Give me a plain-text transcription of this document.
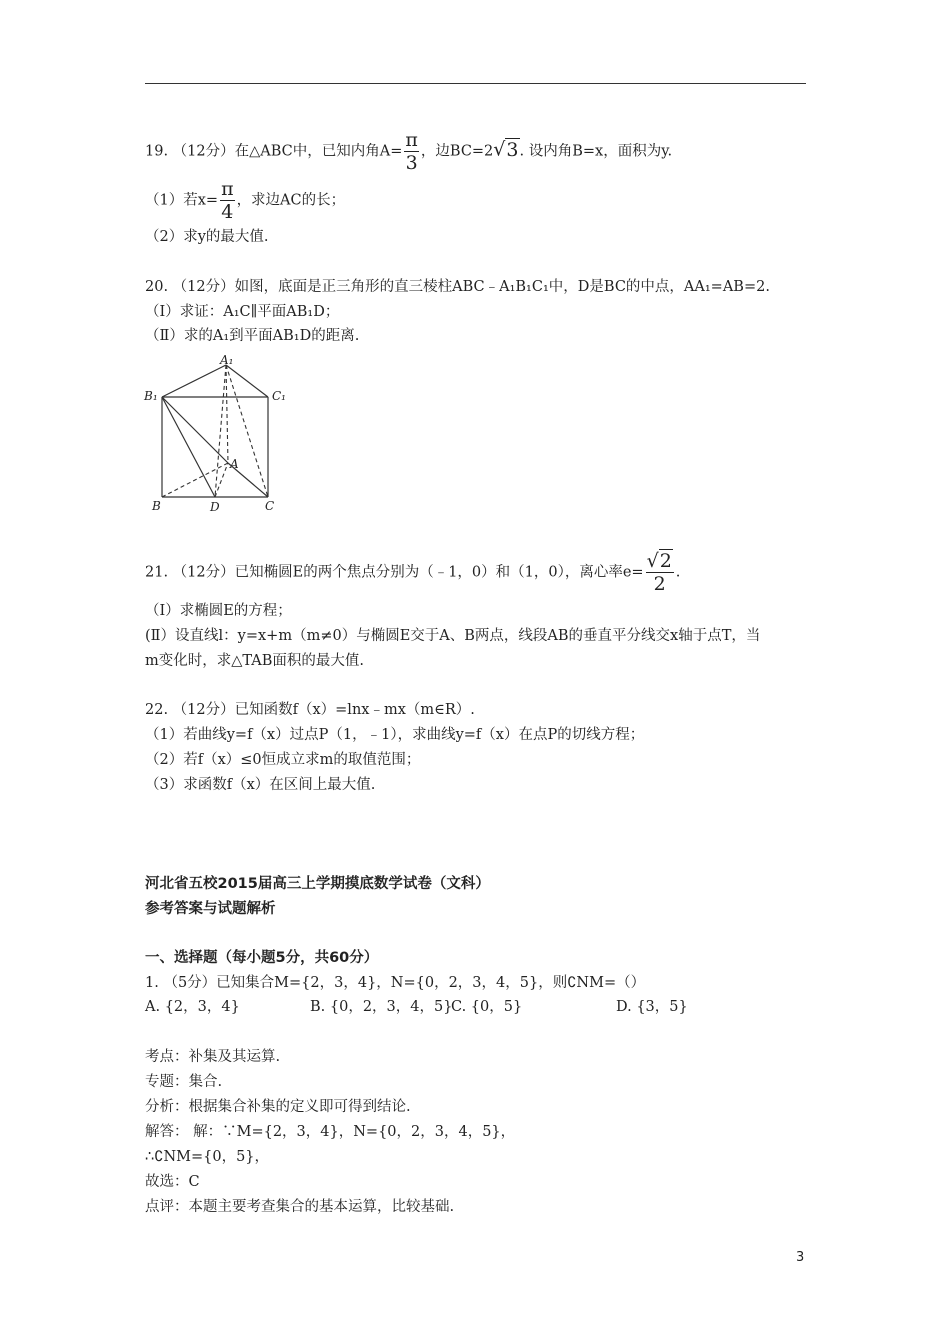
19. （12分）在△ABC中，已知内角$A= \frac{\pi}{3}$ ，边BC=2√3. 设内角B=x，面积为y.
（1）若$x= \frac{\pi}{4}$ ，求边AC的长；
（2）求y的最大值.
20. （12分）如图，底面是正三角形的直三棱柱ABC﹣A₁B₁C₁中，D是BC的中点，AA₁=AB=2.
（Ⅰ）求证：A₁C∥平面AB₁D；
（Ⅱ）求的A₁到平面AB₁D的距离.
A₁
B₁	C₁
A
B	D	C
21. （12分）已知椭圆E的两个焦点分别为（﹣1，0）和（1，0），离心率$e= \frac{√2}{2}$ .
（Ⅰ）求椭圆E的方程；
(Ⅱ）设直线l：y=x+m（m≠0）与椭圆E交于A、B两点，线段AB的垂直平分线交x轴于点T，当
m变化时，求△TAB面积的最大值.
22. （12分）已知函数f（x）=lnx﹣mx（m∈R）.
（1）若曲线y=f（x）过点P（1，﹣1），求曲线y=f（x）在点P的切线方程；
（2）若f（x）≤0恒成立求m的取值范围；
（3）求函数f（x）在区间上最大值.
河北省五校2015届高三上学期摸底数学试卷（文科）
参考答案与试题解析
一、选择题（每小题5分，共60分）
1. （5分）已知集合M={2，3，4}，N={0，2，3，4，5}，则∁NM=（）
A. {2，3，4}	B. {0，2，3，4，5}C. {0，5}	D. {3，5}
考点：补集及其运算.
专题：集合.
分析：根据集合补集的定义即可得到结论.
解答： 解：∵M={2，3，4}，N={0，2，3，4，5}，
∴∁NM={0，5}，
故选：C
点评：本题主要考查集合的基本运算，比较基础.
3
